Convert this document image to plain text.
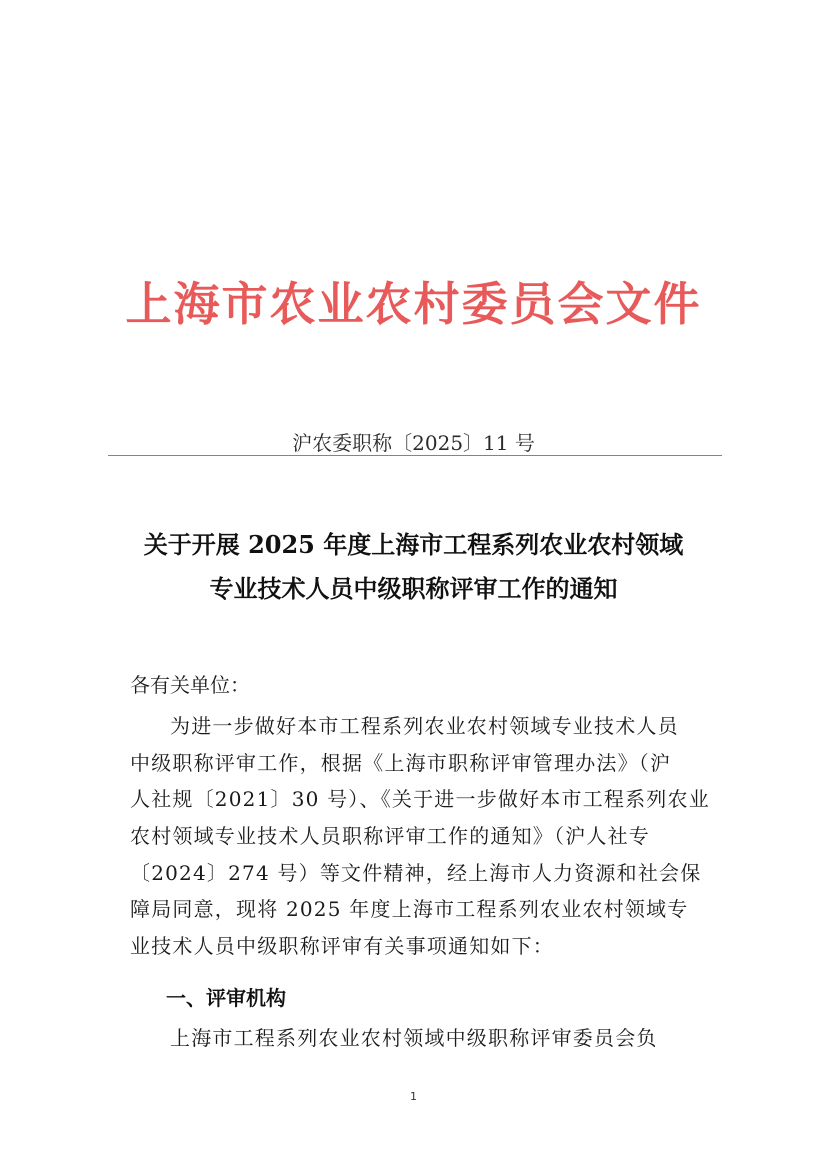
上海市农业农村委员会文件
沪农委职称〔2025〕11 号
关于开展 2025 年度上海市工程系列农业农村领域
专业技术人员中级职称评审工作的通知
各有关单位：
为进一步做好本市工程系列农业农村领域专业技术人员
中级职称评审工作，根据《上海市职称评审管理办法》（沪
人社规〔2021〕30 号）、《关于进一步做好本市工程系列农业
农村领域专业技术人员职称评审工作的通知》（沪人社专
〔2024〕274 号）等文件精神，经上海市人力资源和社会保
障局同意，现将 2025 年度上海市工程系列农业农村领域专
业技术人员中级职称评审有关事项通知如下：
一、评审机构
上海市工程系列农业农村领域中级职称评审委员会负
1
